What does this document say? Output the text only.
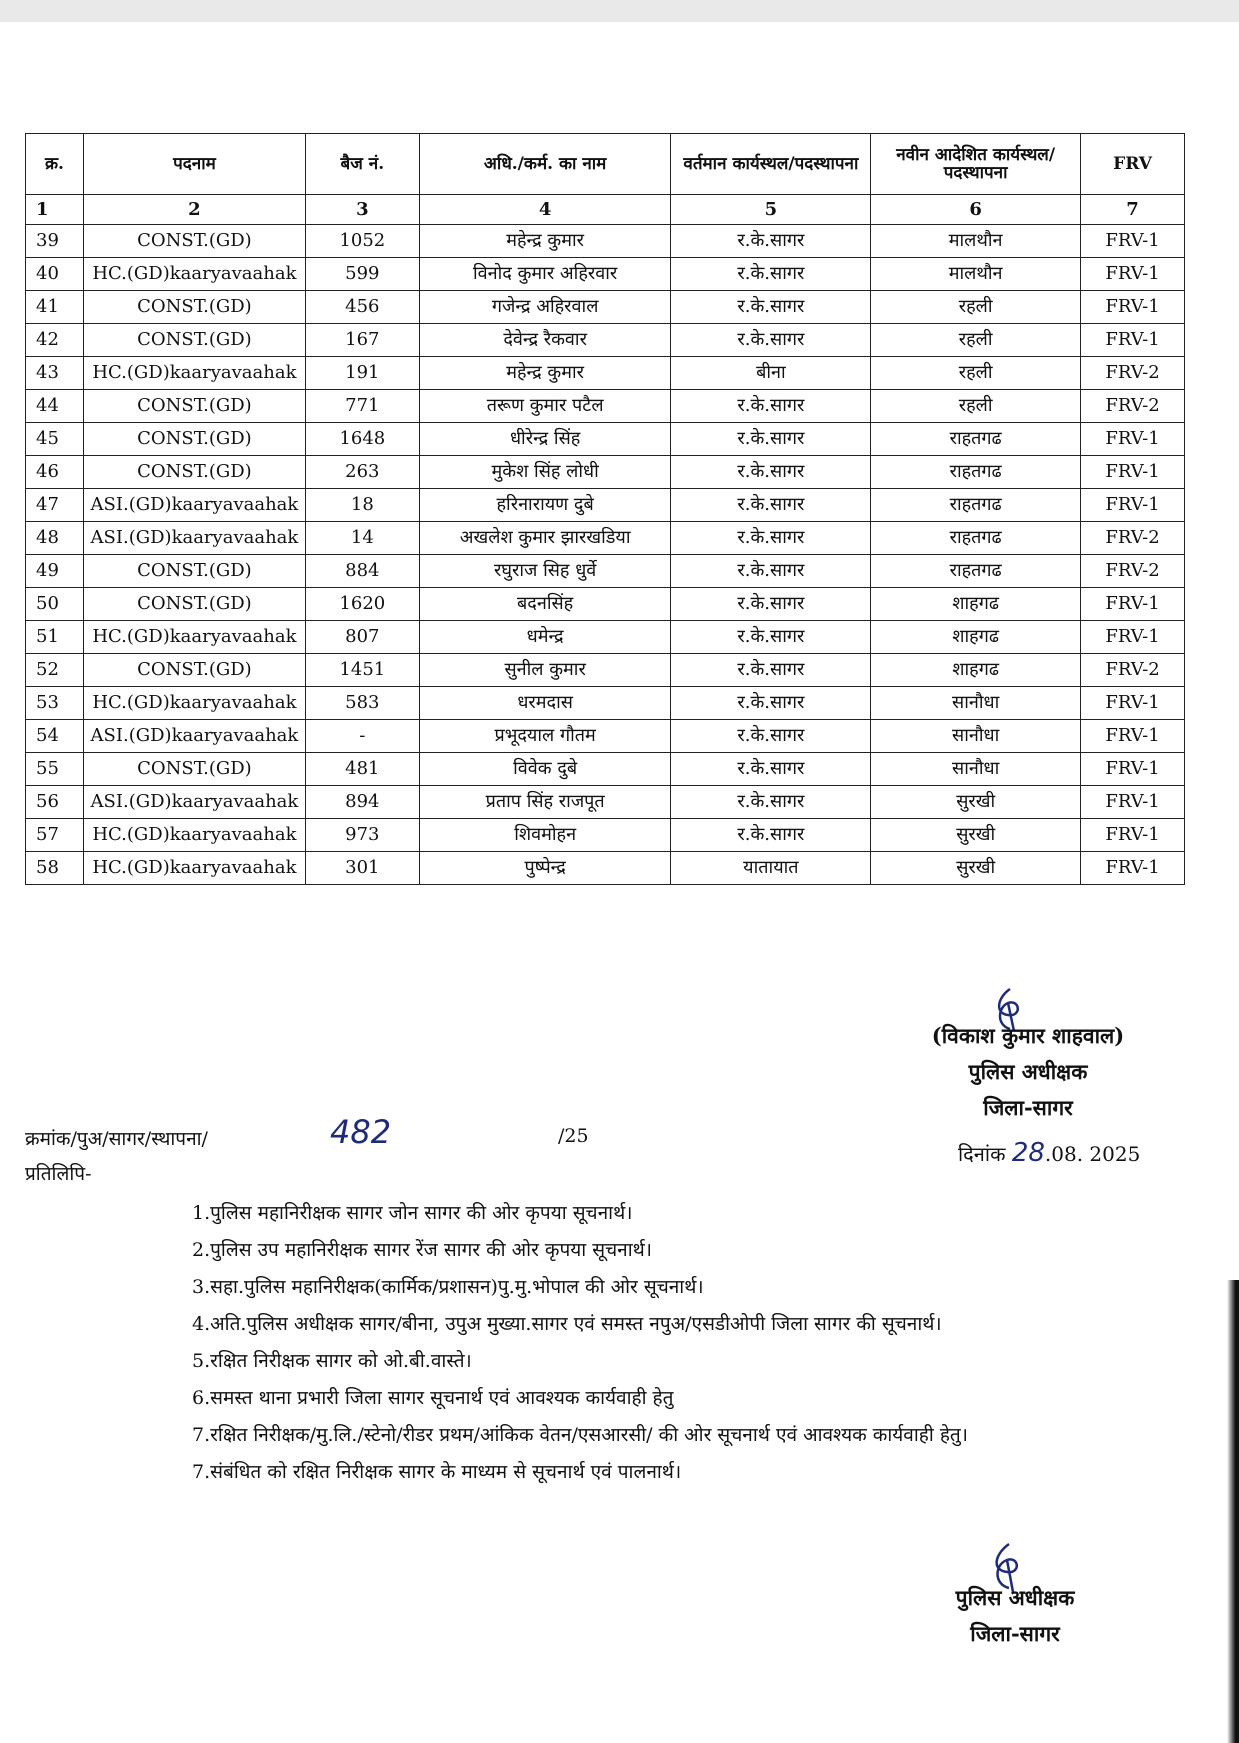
क्र.	पदनाम	बैज नं.	अधि./कर्म. का नाम	वर्तमान कार्यस्थल/पदस्थापना	नवीन आदेशित कार्यस्थल/पदस्थापना	FRV
1	2	3	4	5	6	7
39	CONST.(GD)	1052	महेन्द्र कुमार	र.के.सागर	मालथौन	FRV-1
40	HC.(GD)kaaryavaahak	599	विनोद कुमार अहिरवार	र.के.सागर	मालथौन	FRV-1
41	CONST.(GD)	456	गजेन्द्र अहिरवाल	र.के.सागर	रहली	FRV-1
42	CONST.(GD)	167	देवेन्द्र रैकवार	र.के.सागर	रहली	FRV-1
43	HC.(GD)kaaryavaahak	191	महेन्द्र कुमार	बीना	रहली	FRV-2
44	CONST.(GD)	771	तरूण कुमार पटैल	र.के.सागर	रहली	FRV-2
45	CONST.(GD)	1648	धीरेन्द्र सिंह	र.के.सागर	राहतगढ	FRV-1
46	CONST.(GD)	263	मुकेश सिंह लोधी	र.के.सागर	राहतगढ	FRV-1
47	ASI.(GD)kaaryavaahak	18	हरिनारायण दुबे	र.के.सागर	राहतगढ	FRV-1
48	ASI.(GD)kaaryavaahak	14	अखलेश कुमार झारखडिया	र.के.सागर	राहतगढ	FRV-2
49	CONST.(GD)	884	रघुराज सिह धुर्वे	र.के.सागर	राहतगढ	FRV-2
50	CONST.(GD)	1620	बदनसिंह	र.के.सागर	शाहगढ	FRV-1
51	HC.(GD)kaaryavaahak	807	धमेन्द्र	र.के.सागर	शाहगढ	FRV-1
52	CONST.(GD)	1451	सुनील कुमार	र.के.सागर	शाहगढ	FRV-2
53	HC.(GD)kaaryavaahak	583	धरमदास	र.के.सागर	सानौधा	FRV-1
54	ASI.(GD)kaaryavaahak	-	प्रभूदयाल गौतम	र.के.सागर	सानौधा	FRV-1
55	CONST.(GD)	481	विवेक दुबे	र.के.सागर	सानौधा	FRV-1
56	ASI.(GD)kaaryavaahak	894	प्रताप सिंह राजपूत	र.के.सागर	सुरखी	FRV-1
57	HC.(GD)kaaryavaahak	973	शिवमोहन	र.के.सागर	सुरखी	FRV-1
58	HC.(GD)kaaryavaahak	301	पुष्पेन्द्र	यातायात	सुरखी	FRV-1
(विकाश कुमार शाहवाल)
पुलिस अधीक्षक
जिला-सागर
दिनांक 28.08. 2025
क्रमांक/पुअ/सागर/स्थापना/	482	/25
प्रतिलिपि-
1.पुलिस महानिरीक्षक सागर जोन सागर की ओर कृपया सूचनार्थ।
2.पुलिस उप महानिरीक्षक सागर रेंज सागर की ओर कृपया सूचनार्थ।
3.सहा.पुलिस महानिरीक्षक(कार्मिक/प्रशासन)पु.मु.भोपाल की ओर सूचनार्थ।
4.अति.पुलिस अधीक्षक सागर/बीना, उपुअ मुख्या.सागर एवं समस्त नपुअ/एसडीओपी जिला सागर की सूचनार्थ।
5.रक्षित निरीक्षक सागर को ओ.बी.वास्ते।
6.समस्त थाना प्रभारी जिला सागर सूचनार्थ एवं आवश्यक कार्यवाही हेतु
7.रक्षित निरीक्षक/मु.लि./स्टेनो/रीडर प्रथम/आंकिक वेतन/एसआरसी/ की ओर सूचनार्थ एवं आवश्यक कार्यवाही हेतु।
7.संबंधित को रक्षित निरीक्षक सागर के माध्यम से सूचनार्थ एवं पालनार्थ।
पुलिस अधीक्षक
जिला-सागर
